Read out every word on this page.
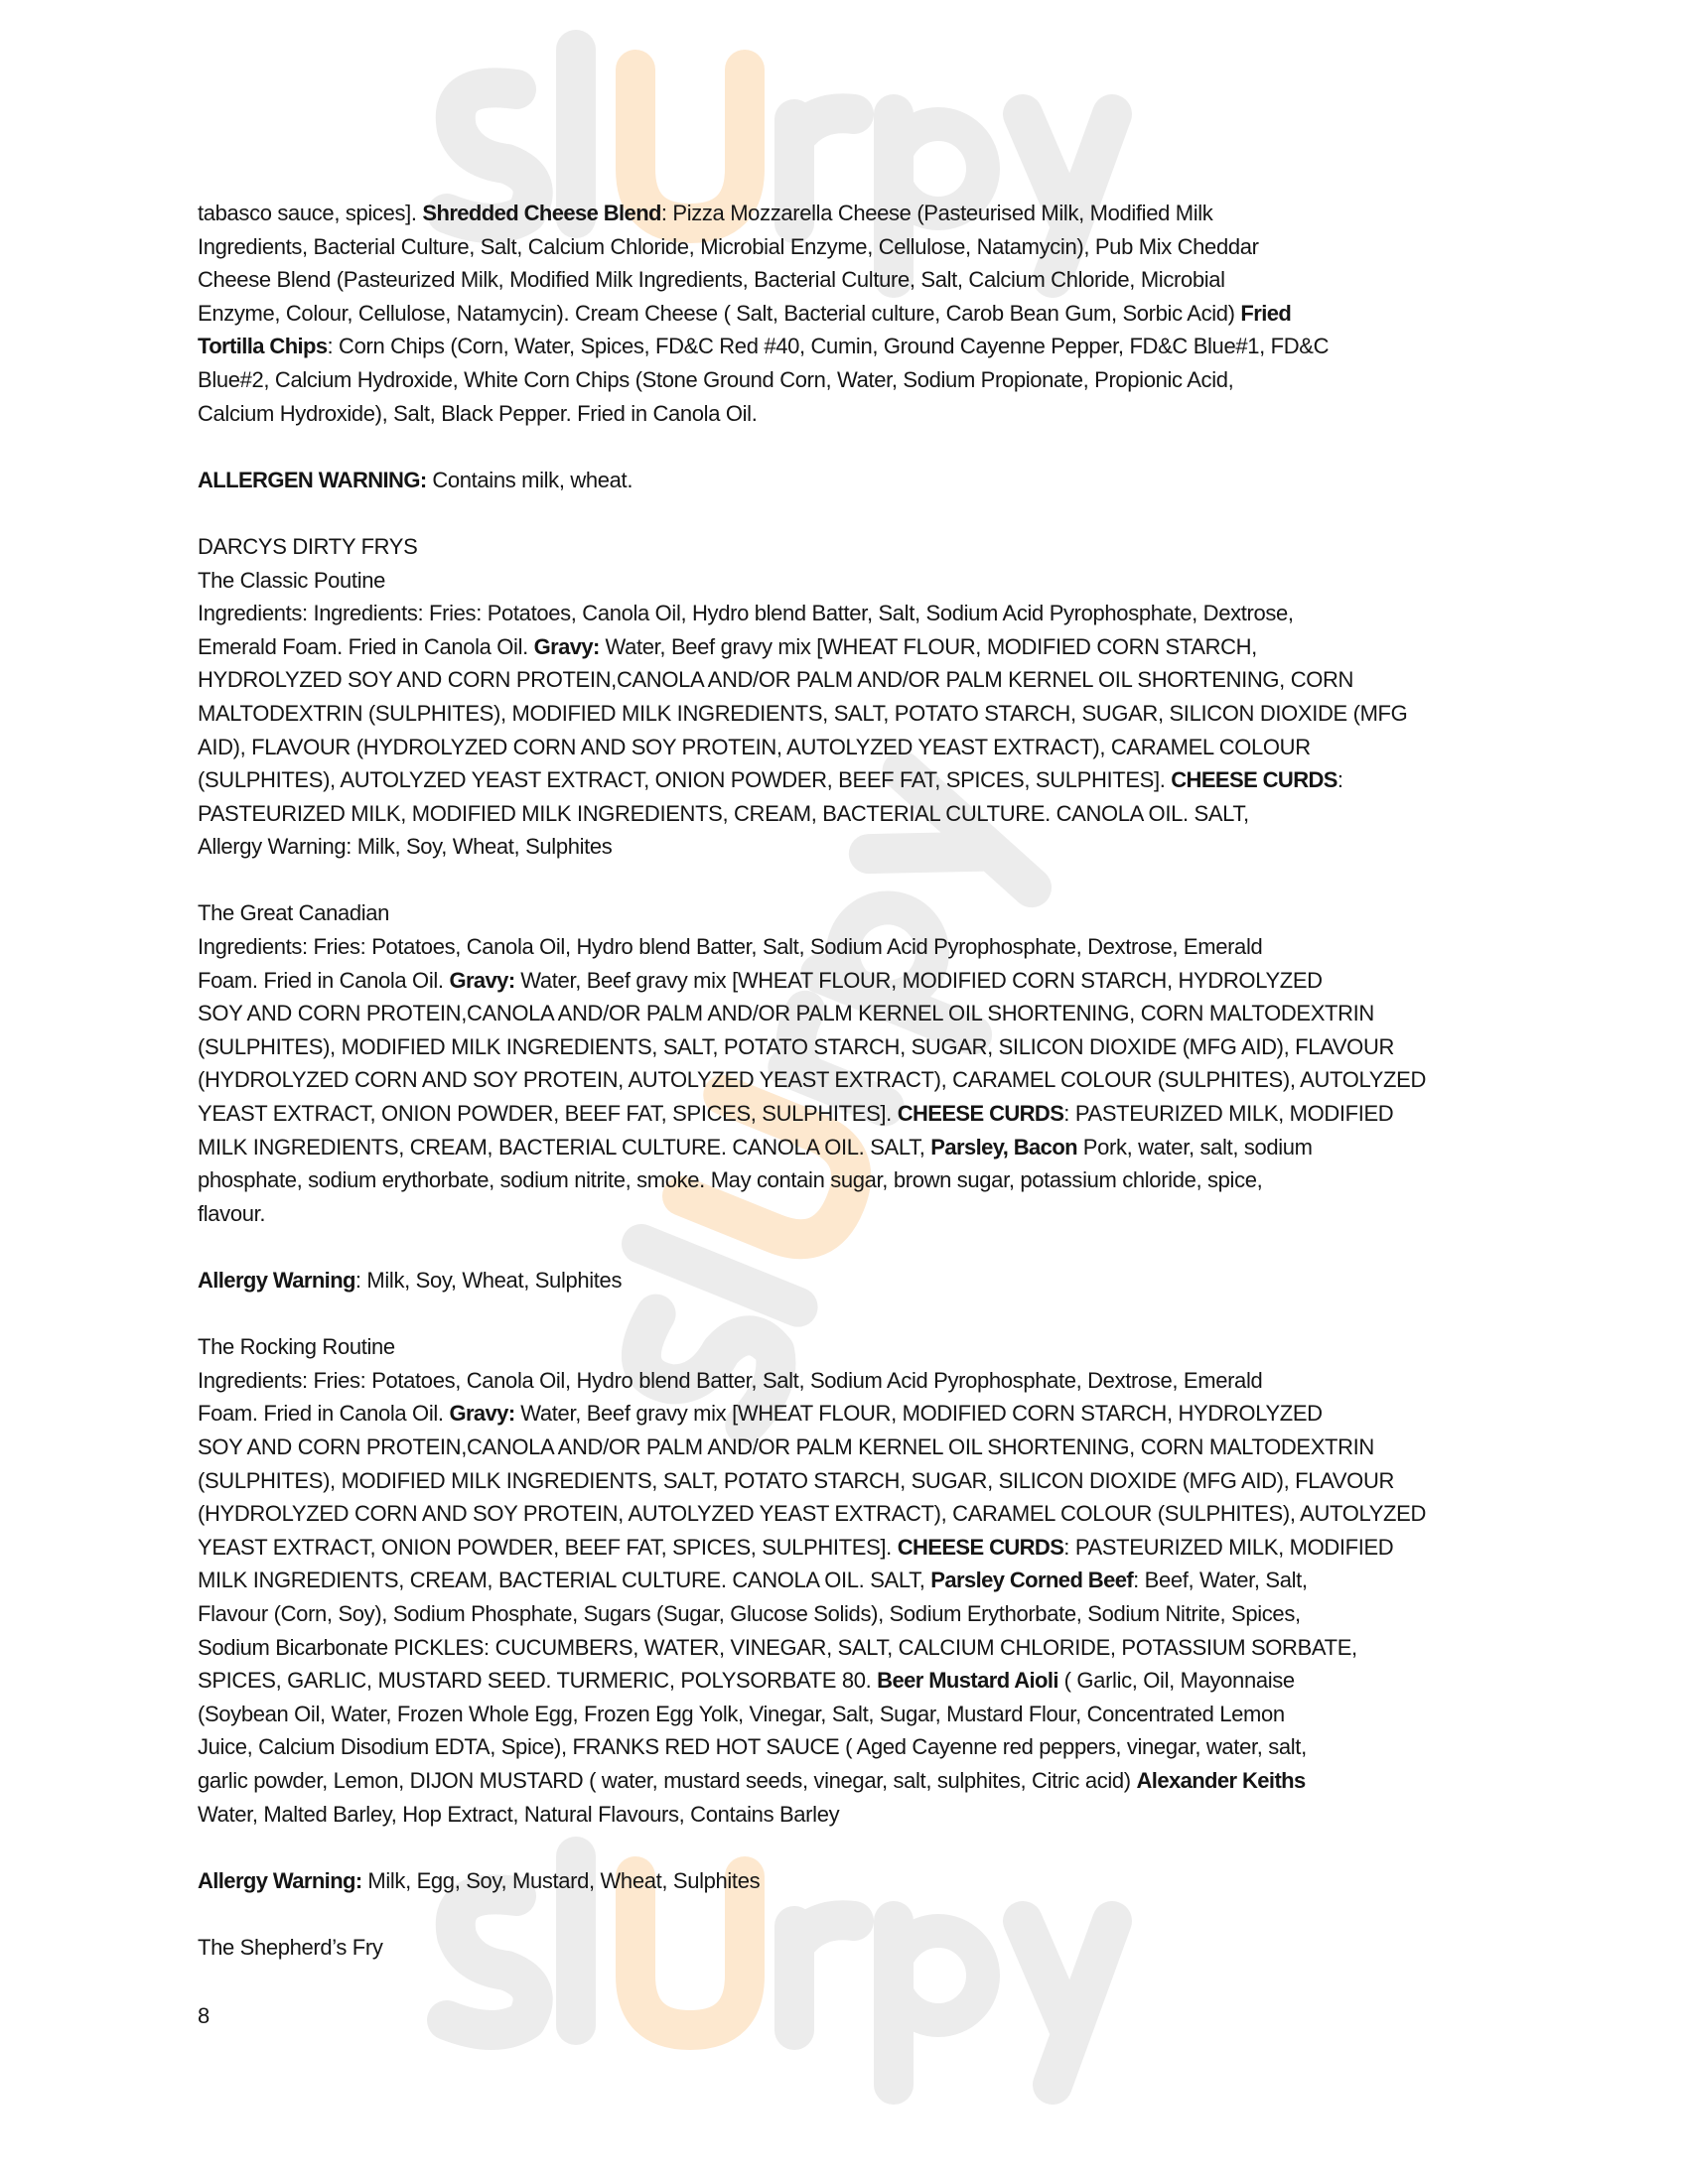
tabasco sauce, spices]. Shredded Cheese Blend: Pizza Mozzarella Cheese (Pasteurised Milk, Modified Milk
Ingredients, Bacterial Culture, Salt, Calcium Chloride, Microbial Enzyme, Cellulose, Natamycin), Pub Mix Cheddar
Cheese Blend (Pasteurized Milk, Modified Milk Ingredients, Bacterial Culture, Salt, Calcium Chloride, Microbial
Enzyme, Colour, Cellulose, Natamycin). Cream Cheese ( Salt, Bacterial culture, Carob Bean Gum, Sorbic Acid) Fried
Tortilla Chips: Corn Chips (Corn, Water, Spices, FD&C Red #40, Cumin, Ground Cayenne Pepper, FD&C Blue#1, FD&C
Blue#2, Calcium Hydroxide, White Corn Chips (Stone Ground Corn, Water, Sodium Propionate, Propionic Acid,
Calcium Hydroxide), Salt, Black Pepper. Fried in Canola Oil.
ALLERGEN WARNING: Contains milk, wheat.
DARCYS DIRTY FRYS
The Classic Poutine
Ingredients: Ingredients: Fries: Potatoes, Canola Oil, Hydro blend Batter, Salt, Sodium Acid Pyrophosphate, Dextrose,
Emerald Foam. Fried in Canola Oil. Gravy: Water, Beef gravy mix [WHEAT FLOUR, MODIFIED CORN STARCH,
HYDROLYZED SOY AND CORN PROTEIN,CANOLA AND/OR PALM AND/OR PALM KERNEL OIL SHORTENING, CORN
MALTODEXTRIN (SULPHITES), MODIFIED MILK INGREDIENTS, SALT, POTATO STARCH, SUGAR, SILICON DIOXIDE (MFG
AID), FLAVOUR (HYDROLYZED CORN AND SOY PROTEIN, AUTOLYZED YEAST EXTRACT), CARAMEL COLOUR
(SULPHITES), AUTOLYZED YEAST EXTRACT, ONION POWDER, BEEF FAT, SPICES, SULPHITES]. CHEESE CURDS:
PASTEURIZED MILK, MODIFIED MILK INGREDIENTS, CREAM, BACTERIAL CULTURE. CANOLA OIL. SALT,
Allergy Warning: Milk, Soy, Wheat, Sulphites
The Great Canadian
Ingredients: Fries: Potatoes, Canola Oil, Hydro blend Batter, Salt, Sodium Acid Pyrophosphate, Dextrose, Emerald
Foam. Fried in Canola Oil. Gravy: Water, Beef gravy mix [WHEAT FLOUR, MODIFIED CORN STARCH, HYDROLYZED
SOY AND CORN PROTEIN,CANOLA AND/OR PALM AND/OR PALM KERNEL OIL SHORTENING, CORN MALTODEXTRIN
(SULPHITES), MODIFIED MILK INGREDIENTS, SALT, POTATO STARCH, SUGAR, SILICON DIOXIDE (MFG AID), FLAVOUR
(HYDROLYZED CORN AND SOY PROTEIN, AUTOLYZED YEAST EXTRACT), CARAMEL COLOUR (SULPHITES), AUTOLYZED
YEAST EXTRACT, ONION POWDER, BEEF FAT, SPICES, SULPHITES]. CHEESE CURDS: PASTEURIZED MILK, MODIFIED
MILK INGREDIENTS, CREAM, BACTERIAL CULTURE. CANOLA OIL. SALT, Parsley, Bacon Pork, water, salt, sodium
phosphate, sodium erythorbate, sodium nitrite, smoke. May contain sugar, brown sugar, potassium chloride, spice,
flavour.
Allergy Warning: Milk, Soy, Wheat, Sulphites
The Rocking Routine
Ingredients: Fries: Potatoes, Canola Oil, Hydro blend Batter, Salt, Sodium Acid Pyrophosphate, Dextrose, Emerald
Foam. Fried in Canola Oil. Gravy: Water, Beef gravy mix [WHEAT FLOUR, MODIFIED CORN STARCH, HYDROLYZED
SOY AND CORN PROTEIN,CANOLA AND/OR PALM AND/OR PALM KERNEL OIL SHORTENING, CORN MALTODEXTRIN
(SULPHITES), MODIFIED MILK INGREDIENTS, SALT, POTATO STARCH, SUGAR, SILICON DIOXIDE (MFG AID), FLAVOUR
(HYDROLYZED CORN AND SOY PROTEIN, AUTOLYZED YEAST EXTRACT), CARAMEL COLOUR (SULPHITES), AUTOLYZED
YEAST EXTRACT, ONION POWDER, BEEF FAT, SPICES, SULPHITES]. CHEESE CURDS: PASTEURIZED MILK, MODIFIED
MILK INGREDIENTS, CREAM, BACTERIAL CULTURE. CANOLA OIL. SALT, Parsley Corned Beef: Beef, Water, Salt,
Flavour (Corn, Soy), Sodium Phosphate, Sugars (Sugar, Glucose Solids), Sodium Erythorbate, Sodium Nitrite, Spices,
Sodium Bicarbonate PICKLES: CUCUMBERS, WATER, VINEGAR, SALT, CALCIUM CHLORIDE, POTASSIUM SORBATE,
SPICES, GARLIC, MUSTARD SEED. TURMERIC, POLYSORBATE 80. Beer Mustard Aioli ( Garlic, Oil, Mayonnaise
(Soybean Oil, Water, Frozen Whole Egg, Frozen Egg Yolk, Vinegar, Salt, Sugar, Mustard Flour, Concentrated Lemon
Juice, Calcium Disodium EDTA, Spice), FRANKS RED HOT SAUCE ( Aged Cayenne red peppers, vinegar, water, salt,
garlic powder, Lemon, DIJON MUSTARD ( water, mustard seeds, vinegar, salt, sulphites, Citric acid) Alexander Keiths
Water, Malted Barley, Hop Extract, Natural Flavours, Contains Barley
Allergy Warning: Milk, Egg, Soy, Mustard, Wheat, Sulphites
The Shepherd’s Fry
8
